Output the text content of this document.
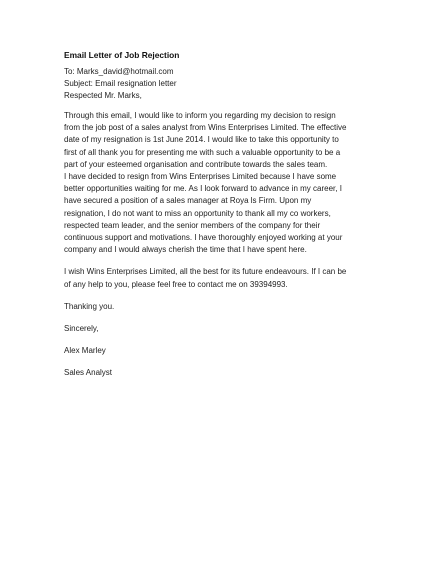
Email Letter of Job Rejection
To: Marks_david@hotmail.com
Subject: Email resignation letter
Respected Mr. Marks,

Through this email, I would like to inform you regarding my decision to resign from the job post of a sales analyst from Wins Enterprises Limited. The effective date of my resignation is 1st June 2014. I would like to take this opportunity to first of all thank you for presenting me with such a valuable opportunity to be a part of your esteemed organisation and contribute towards the sales team.

I have decided to resign from Wins Enterprises Limited because I have some better opportunities waiting for me. As I look forward to advance in my career, I have secured a position of a sales manager at Roya ls Firm. Upon my resignation, I do not want to miss an opportunity to thank all my co workers, respected team leader, and the senior members of the company for their continuous support and motivations. I have thoroughly enjoyed working at your company and I would always cherish the time that I have spent here.

I wish Wins Enterprises Limited, all the best for its future endeavours. If I can be of any help to you, please feel free to contact me on 39394993.

Thanking you.
Sincerely,
Alex Marley
Sales Analyst
